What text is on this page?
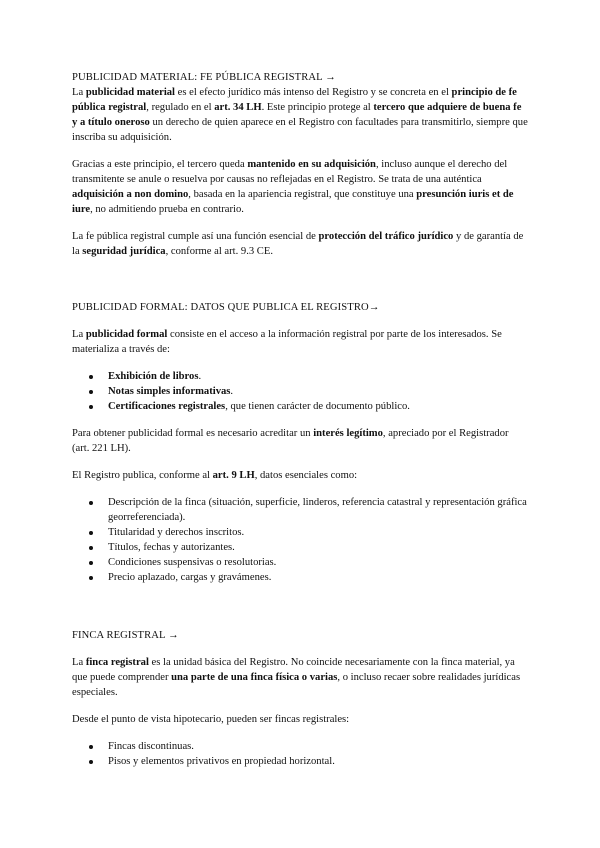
PUBLICIDAD MATERIAL: FE PÚBLICA REGISTRAL →

La publicidad material es el efecto jurídico más intenso del Registro y se concreta en el principio de fe pública registral, regulado en el art. 34 LH. Este principio protege al tercero que adquiere de buena fe y a título oneroso un derecho de quien aparece en el Registro con facultades para transmitirlo, siempre que inscriba su adquisición.

Gracias a este principio, el tercero queda mantenido en su adquisición, incluso aunque el derecho del transmitente se anule o resuelva por causas no reflejadas en el Registro. Se trata de una auténtica adquisición a non domino, basada en la apariencia registral, que constituye una presunción iuris et de iure, no admitiendo prueba en contrario.

La fe pública registral cumple así una función esencial de protección del tráfico jurídico y de garantía de la seguridad jurídica, conforme al art. 9.3 CE.

PUBLICIDAD FORMAL: DATOS QUE PUBLICA EL REGISTRO→

La publicidad formal consiste en el acceso a la información registral por parte de los interesados. Se materializa a través de:

Exhibición de libros.
Notas simples informativas.
Certificaciones registrales, que tienen carácter de documento público.

Para obtener publicidad formal es necesario acreditar un interés legítimo, apreciado por el Registrador (art. 221 LH).

El Registro publica, conforme al art. 9 LH, datos esenciales como:

Descripción de la finca (situación, superficie, linderos, referencia catastral y representación gráfica georreferenciada).
Titularidad y derechos inscritos.
Títulos, fechas y autorizantes.
Condiciones suspensivas o resolutorias.
Precio aplazado, cargas y gravámenes.
FINCA REGISTRAL →

La finca registral es la unidad básica del Registro. No coincide necesariamente con la finca material, ya que puede comprender una parte de una finca física o varias, o incluso recaer sobre realidades jurídicas especiales.

Desde el punto de vista hipotecario, pueden ser fincas registrales:

Fincas discontinuas.
Pisos y elementos privativos en propiedad horizontal.
